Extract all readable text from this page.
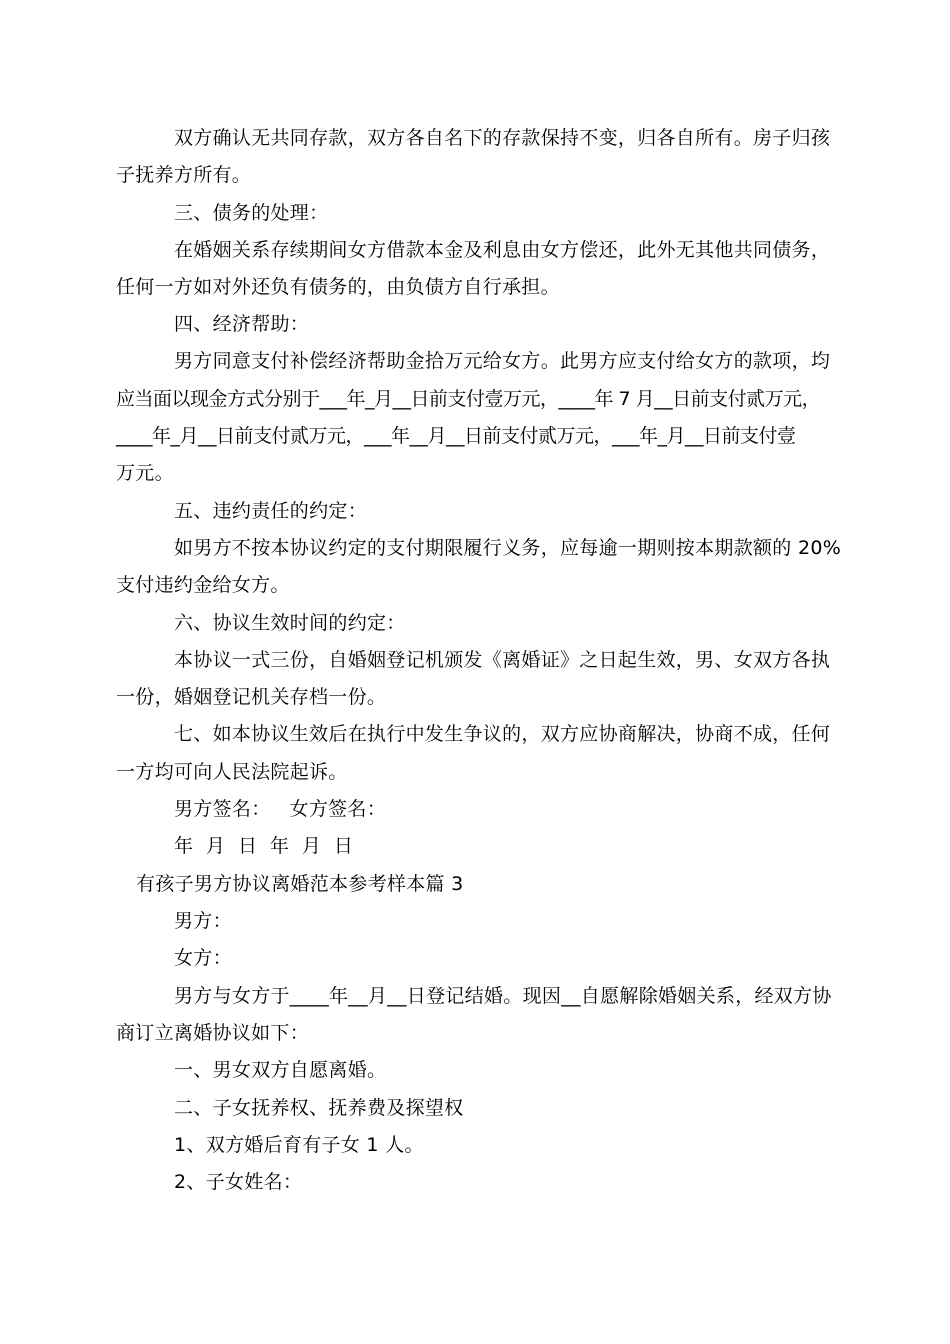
双方确认无共同存款，双方各自名下的存款保持不变，归各自所有。房子归孩
子抚养方所有。
三、债务的处理：
在婚姻关系存续期间女方借款本金及利息由女方偿还，此外无其他共同债务，
任何一方如对外还负有债务的，由负债方自行承担。
四、经济帮助：
男方同意支付补偿经济帮助金拾万元给女方。此男方应支付给女方的款项，均
应当面以现金方式分别于___年_月__日前支付壹万元，____年 7 月__日前支付贰万元，
____年_月__日前支付贰万元，___年__月__日前支付贰万元，___年_月__日前支付壹
万元。
五、违约责任的约定：
如男方不按本协议约定的支付期限履行义务，应每逾一期则按本期款额的 20%
支付违约金给女方。
六、协议生效时间的约定：
本协议一式三份，自婚姻登记机颁发《离婚证》之日起生效，男、女双方各执
一份，婚姻登记机关存档一份。
七、如本协议生效后在执行中发生争议的，双方应协商解决，协商不成，任何
一方均可向人民法院起诉。
男方签名：   女方签名：
年  月  日  年  月  日
有孩子男方协议离婚范本参考样本篇 3
男方：
女方：
男方与女方于____年__月__日登记结婚。现因__自愿解除婚姻关系，经双方协
商订立离婚协议如下：
一、男女双方自愿离婚。
二、子女抚养权、抚养费及探望权
1、双方婚后育有子女 1 人。
2、子女姓名：
